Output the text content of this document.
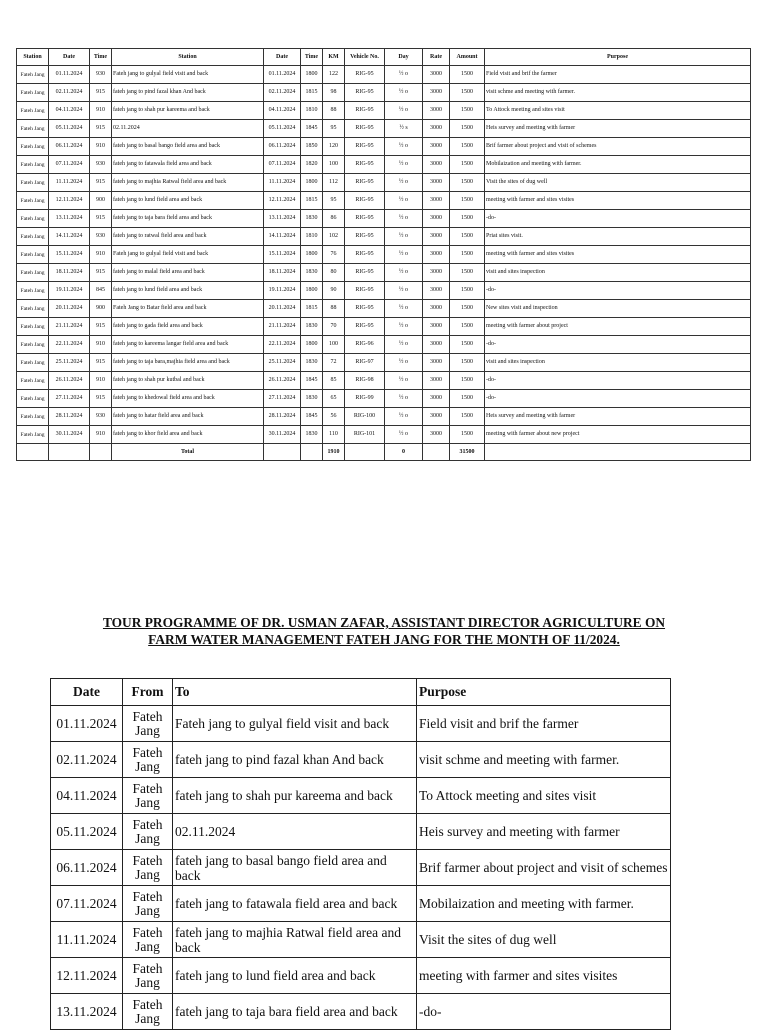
Station	Date	Time	Station	Date	Time	KM	Vehicle No.	Day	Rate	Amount	Purpose
Fateh Jang	01.11.2024	930	Fateh jang to gulyal field visit and back	01.11.2024	1800	122	RIG-95	½ o	3000	1500	Field visit and brif the farmer
Fateh Jang	02.11.2024	915	fateh jang to pind fazal khan And back	02.11.2024	1815	98	RIG-95	½ o	3000	1500	visit schme and meeting with farmer.
Fateh Jang	04.11.2024	910	fateh jang to shah pur kareema and back	04.11.2024	1810	88	RIG-95	½ o	3000	1500	To Attock meeting and sites visit
Fateh Jang	05.11.2024	915	02.11.2024	05.11.2024	1845	95	RIG-95	½ s	3000	1500	Heis survey and meeting with farmer
Fateh Jang	06.11.2024	910	fateh jang to basal bango field area and back	06.11.2024	1850	120	RIG-95	½ o	3000	1500	Brif farmer about project and visit of schemes
Fateh Jang	07.11.2024	930	fateh jang to fatawala field area and back	07.11.2024	1820	100	RIG-95	½ o	3000	1500	Mobilaization and meeting with farmer.
Fateh Jang	11.11.2024	915	fateh jang to majhia Ratwal field area and back	11.11.2024	1800	112	RIG-95	½ o	3000	1500	Visit the sites of dug well
Fateh Jang	12.11.2024	900	fateh jang to lund field area and back	12.11.2024	1815	95	RIG-95	½ o	3000	1500	meeting with farmer and sites visites
Fateh Jang	13.11.2024	915	fateh jang to taja bara field area and back	13.11.2024	1830	86	RIG-95	½ o	3000	1500	-do-
Fateh Jang	14.11.2024	930	fateh jang to ratwal field area and back	14.11.2024	1810	102	RIG-95	½ o	3000	1500	Priat sites visit.
Fateh Jang	15.11.2024	910	Fateh jang to gulyal field visit and back	15.11.2024	1800	76	RIG-95	½ o	3000	1500	meeting with farmer and sites visites
Fateh Jang	18.11.2024	915	fateh jang to malal field area and back	18.11.2024	1830	80	RIG-95	½ o	3000	1500	visit and sites inspection
Fateh Jang	19.11.2024	845	fateh jang to lund field area and back	19.11.2024	1800	90	RIG-95	½ o	3000	1500	-do-
Fateh Jang	20.11.2024	900	Fateh Jang to Batar field area and back	20.11.2024	1815	88	RIG-95	½ o	3000	1500	New sites visit and inspection
Fateh Jang	21.11.2024	915	fateh jang to gada field area and back	21.11.2024	1830	70	RIG-95	½ o	3000	1500	meeting with farmer about project
Fateh Jang	22.11.2024	910	fateh jang to kareema langar field area and back	22.11.2024	1800	100	RIG-96	½ o	3000	1500	-do-
Fateh Jang	25.11.2024	915	fateh jang to taja bara,majhia field area and back	25.11.2024	1830	72	RIG-97	½ o	3000	1500	visit and sites inspection
Fateh Jang	26.11.2024	910	fateh jang to shah pur kutbal and back	26.11.2024	1845	85	RIG-98	½ o	3000	1500	-do-
Fateh Jang	27.11.2024	915	fateh jang to khedowal field area and back	27.11.2024	1830	65	RIG-99	½ o	3000	1500	-do-
Fateh Jang	28.11.2024	930	fateh jang to hatar field area and back	28.11.2024	1845	56	RIG-100	½ o	3000	1500	Heis survey and meeting with farmer
Fateh Jang	30.11.2024	910	fateh jang to khor field area and back	30.11.2024	1830	110	RIG-101	½ o	3000	1500	meeting with farmer about new project
			Total			1910		0		31500	
TOUR PROGRAMME OF DR. USMAN ZAFAR, ASSISTANT DIRECTOR AGRICULTURE ON
FARM WATER MANAGEMENT FATEH JANG FOR THE MONTH OF 11/2024.
Date	From	To	Purpose
01.11.2024	Fateh Jang	Fateh jang to gulyal field visit and back	Field visit and brif the farmer
02.11.2024	Fateh Jang	fateh jang to pind fazal khan And back	visit schme and meeting with farmer.
04.11.2024	Fateh Jang	fateh jang to shah pur kareema and back	To Attock meeting and sites visit
05.11.2024	Fateh Jang	02.11.2024	Heis survey and meeting with farmer
06.11.2024	Fateh Jang	fateh jang to basal bango field area and back	Brif farmer about project and visit of schemes
07.11.2024	Fateh Jang	fateh jang to fatawala field area and back	Mobilaization and meeting with farmer.
11.11.2024	Fateh Jang	fateh jang to majhia Ratwal field area and back	Visit the sites of dug well
12.11.2024	Fateh Jang	fateh jang to lund field area and back	meeting with farmer and sites visites
13.11.2024	Fateh Jang	fateh jang to taja bara field area and back	-do-
